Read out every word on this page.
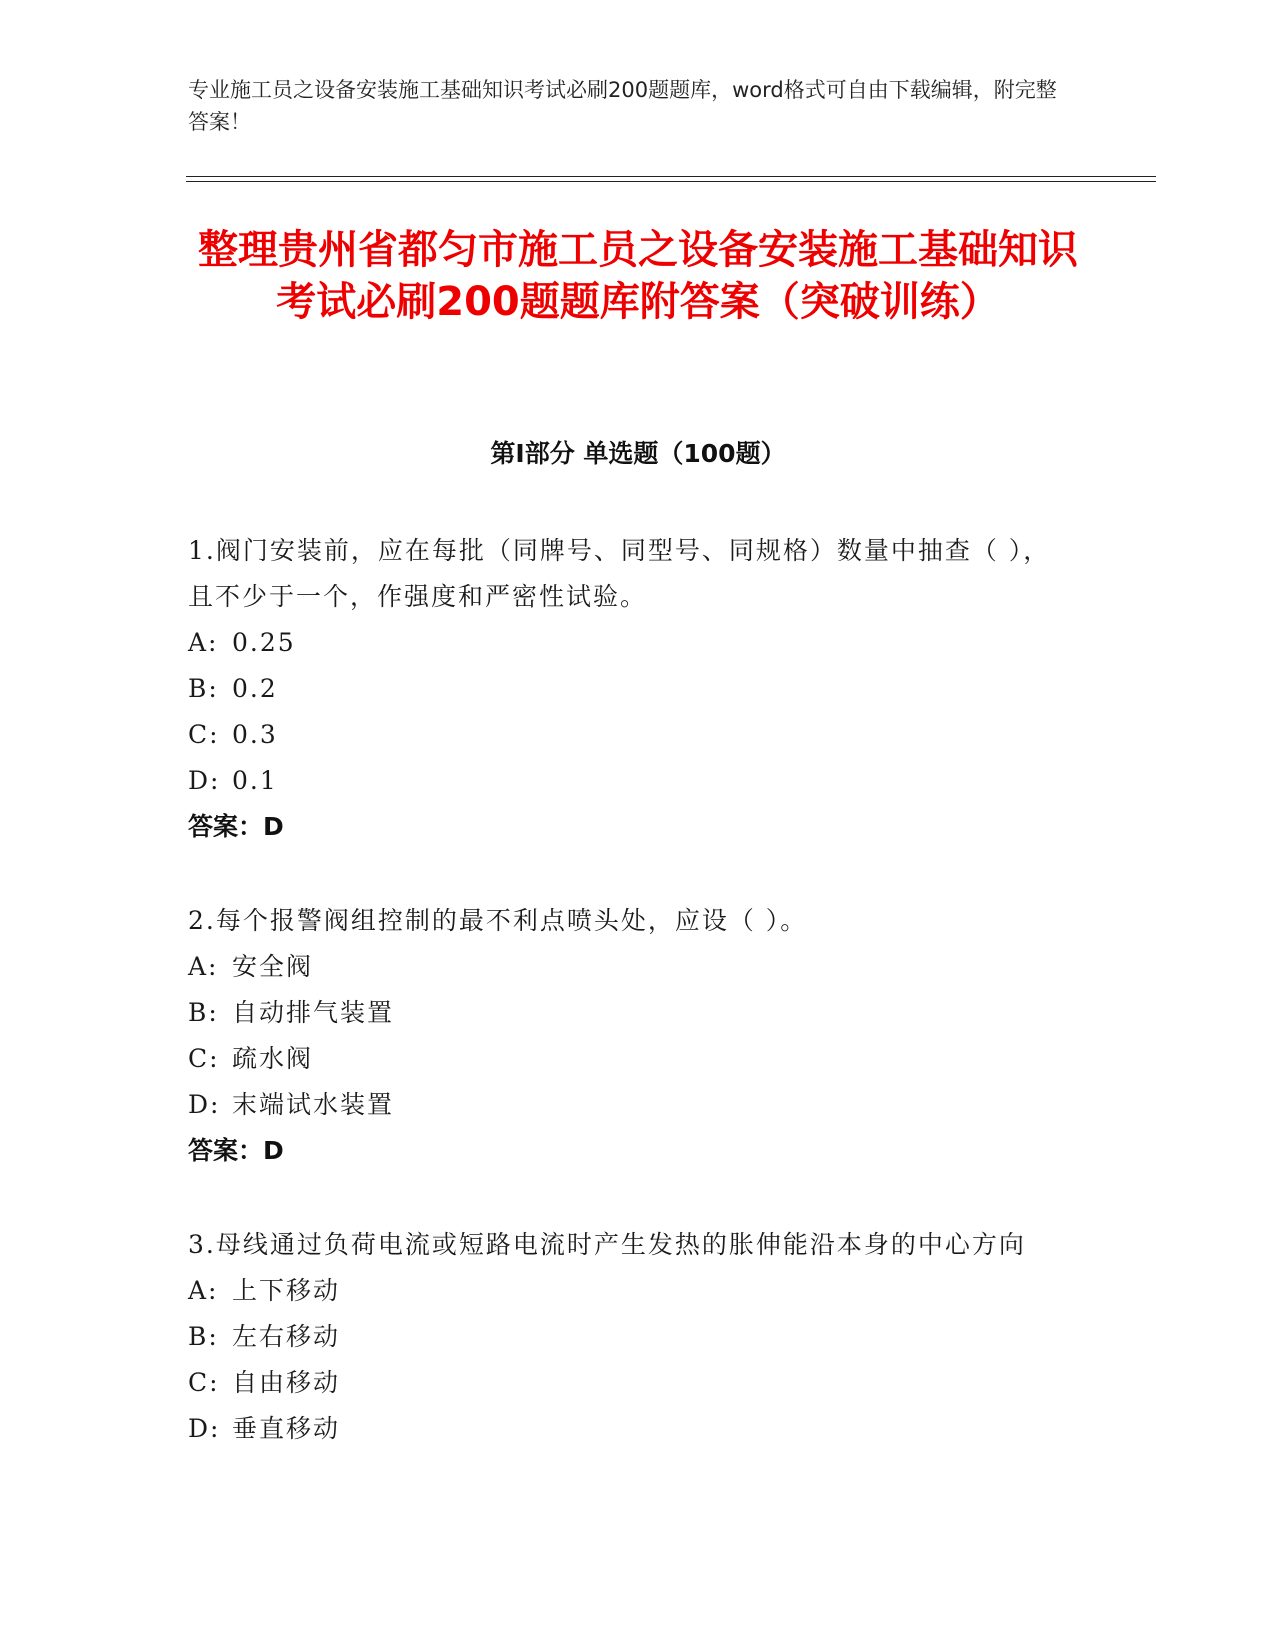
专业施工员之设备安装施工基础知识考试必刷200题题库，word格式可自由下载编辑，附完整答案！
整理贵州省都匀市施工员之设备安装施工基础知识考试必刷200题题库附答案（突破训练）
第Ⅰ部分 单选题（100题）
1.阀门安装前，应在每批（同牌号、同型号、同规格）数量中抽查（ ），且不少于一个，作强度和严密性试验。
A: 0.25
B: 0.2
C: 0.3
D: 0.1
答案：D
2.每个报警阀组控制的最不利点喷头处，应设（ ）。
A: 安全阀
B: 自动排气装置
C: 疏水阀
D: 末端试水装置
答案：D
3.母线通过负荷电流或短路电流时产生发热的胀伸能沿本身的中心方向
A: 上下移动
B: 左右移动
C: 自由移动
D: 垂直移动
